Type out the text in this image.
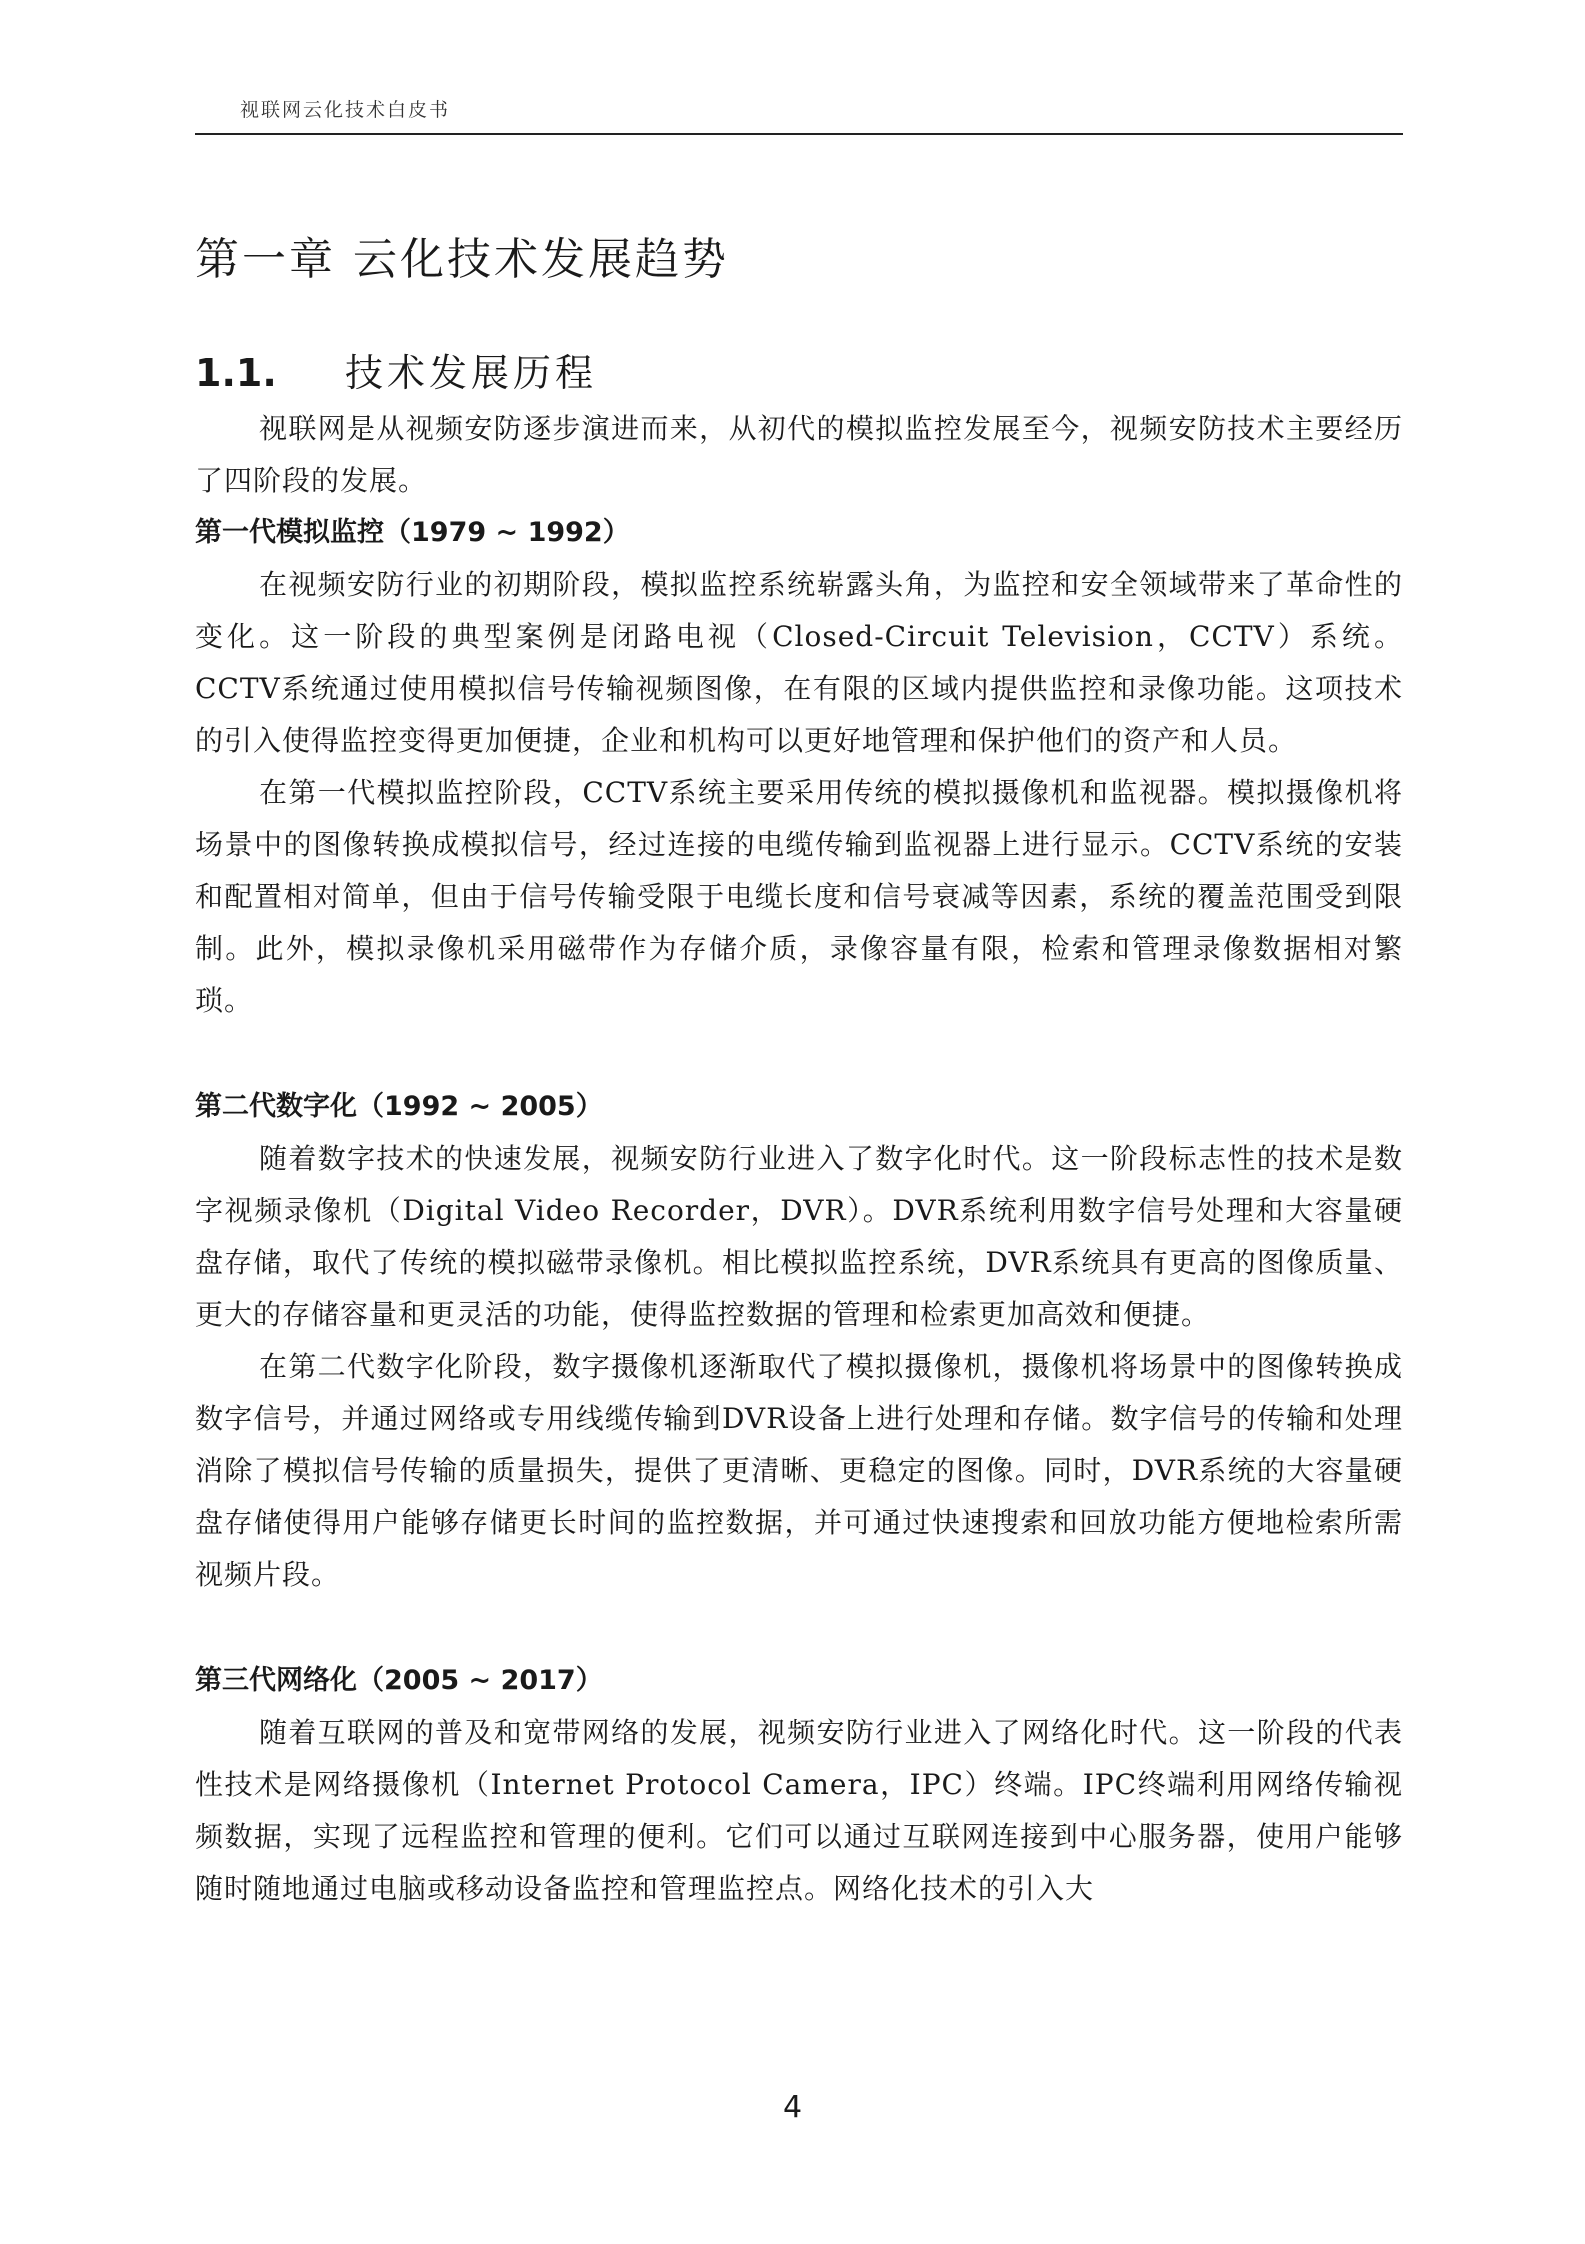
视联网云化技术白皮书
第一章 云化技术发展趋势
1.1.	技术发展历程

视联网是从视频安防逐步演进而来，从初代的模拟监控发展至今，视频安防技术主要经历了四阶段的发展。

第一代模拟监控（1979 ~ 1992）

在视频安防行业的初期阶段，模拟监控系统崭露头角，为监控和安全领域带来了革命性的变化。这一阶段的典型案例是闭路电视（Closed-Circuit Television，CCTV）系统。CCTV系统通过使用模拟信号传输视频图像，在有限的区域内提供监控和录像功能。这项技术的引入使得监控变得更加便捷，企业和机构可以更好地管理和保护他们的资产和人员。

在第一代模拟监控阶段，CCTV系统主要采用传统的模拟摄像机和监视器。模拟摄像机将场景中的图像转换成模拟信号，经过连接的电缆传输到监视器上进行显示。CCTV系统的安装和配置相对简单，但由于信号传输受限于电缆长度和信号衰减等因素，系统的覆盖范围受到限制。此外，模拟录像机采用磁带作为存储介质，录像容量有限，检索和管理录像数据相对繁琐。

第二代数字化（1992 ~ 2005）

随着数字技术的快速发展，视频安防行业进入了数字化时代。这一阶段标志性的技术是数字视频录像机（Digital Video Recorder，DVR）。DVR系统利用数字信号处理和大容量硬盘存储，取代了传统的模拟磁带录像机。相比模拟监控系统，DVR系统具有更高的图像质量、更大的存储容量和更灵活的功能，使得监控数据的管理和检索更加高效和便捷。

在第二代数字化阶段，数字摄像机逐渐取代了模拟摄像机，摄像机将场景中的图像转换成数字信号，并通过网络或专用线缆传输到DVR设备上进行处理和存储。数字信号的传输和处理消除了模拟信号传输的质量损失，提供了更清晰、更稳定的图像。同时，DVR系统的大容量硬盘存储使得用户能够存储更长时间的监控数据，并可通过快速搜索和回放功能方便地检索所需视频片段。

第三代网络化（2005 ~ 2017）

随着互联网的普及和宽带网络的发展，视频安防行业进入了网络化时代。这一阶段的代表性技术是网络摄像机（Internet Protocol Camera，IPC）终端。IPC终端利用网络传输视频数据，实现了远程监控和管理的便利。它们可以通过互联网连接到中心服务器，使用户能够随时随地通过电脑或移动设备监控和管理监控点。网络化技术的引入大

4
